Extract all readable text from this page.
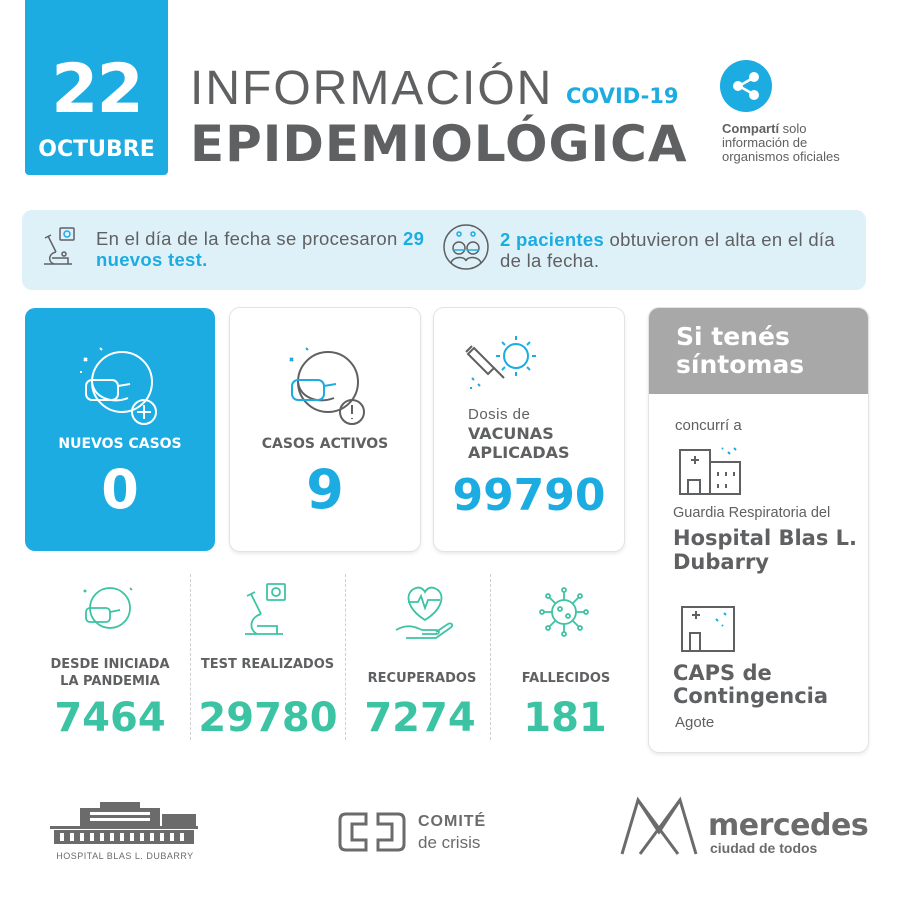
22
OCTUBRE
INFORMACIÓN COVID-19
EPIDEMIOLÓGICA	Compartí solo información de organismos oficiales
En el día de la fecha se procesaron 29 nuevos test.
2 pacientes obtuvieron el alta en el día de la fecha.
NUEVOS CASOS
0
CASOS ACTIVOS
9
Dosis de
VACUNAS APLICADAS
99790
Si tenés síntomas
concurrí a
Guardia Respiratoria del
Hospital Blas L. Dubarry
CAPS de Contingencia
Agote
DESDE INICIADA LA PANDEMIA
7464
TEST REALIZADOS
29780
RECUPERADOS
7274
FALLECIDOS
181
HOSPITAL BLAS L. DUBARRY
COMITÉ
de crisis	mercedes
ciudad de todos
